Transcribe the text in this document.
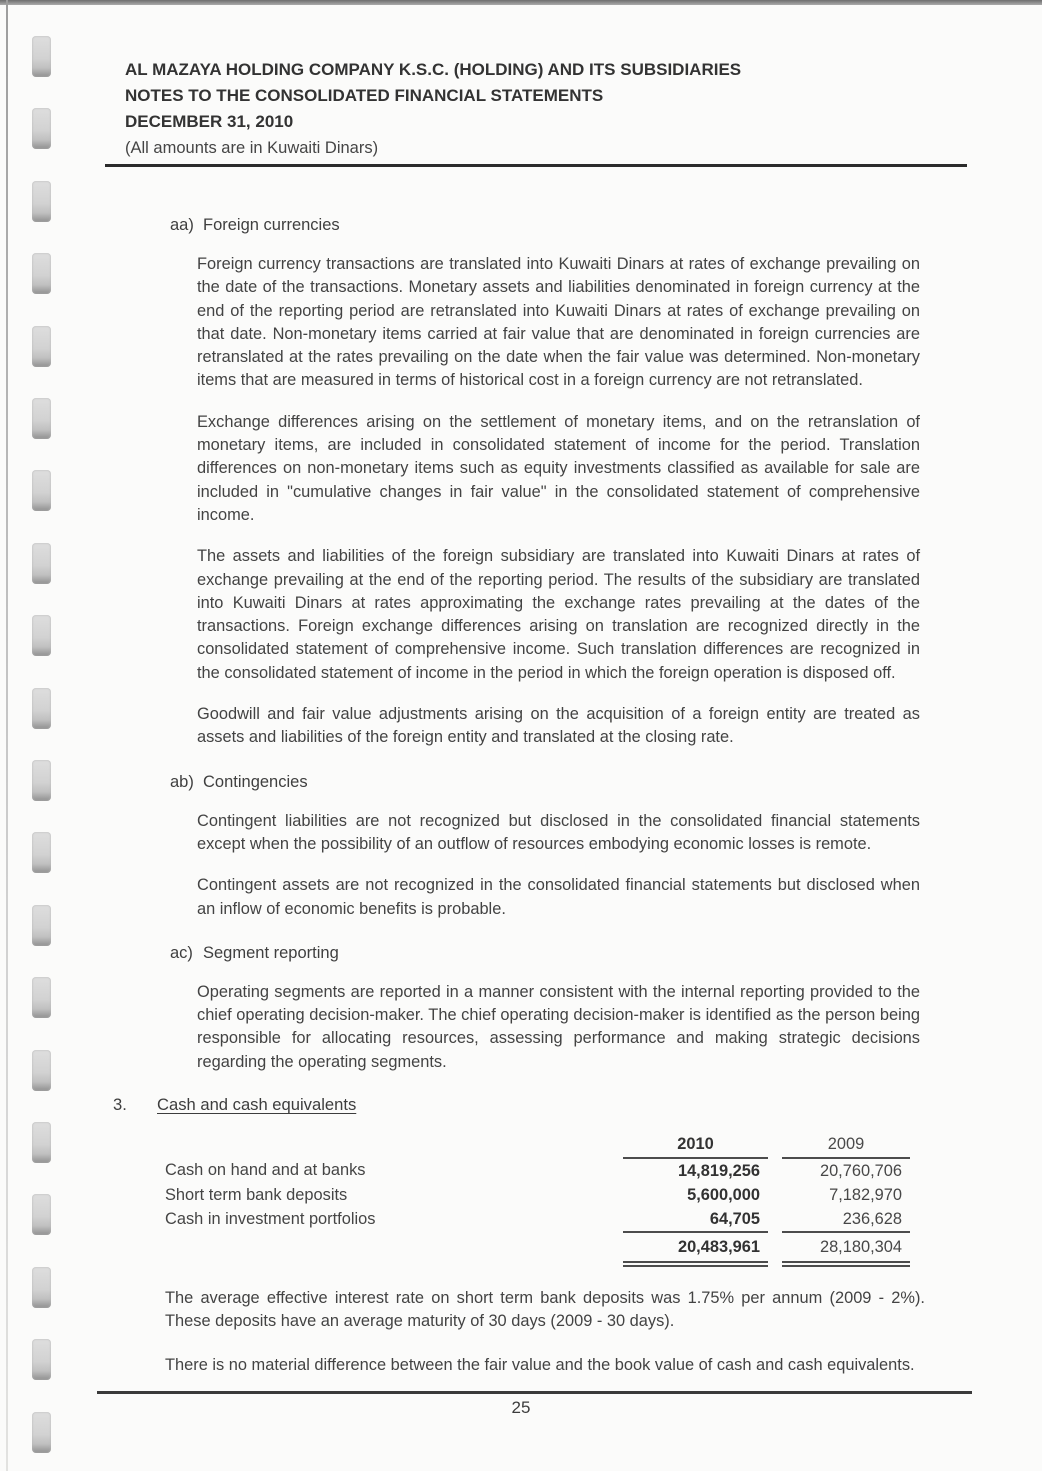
AL MAZAYA HOLDING COMPANY K.S.C. (HOLDING) AND ITS SUBSIDIARIES
NOTES TO THE CONSOLIDATED FINANCIAL STATEMENTS
DECEMBER 31, 2010
(All amounts are in Kuwaiti Dinars)
aa) Foreign currencies

Foreign currency transactions are translated into Kuwaiti Dinars at rates of exchange prevailing on the date of the transactions. Monetary assets and liabilities denominated in foreign currency at the end of the reporting period are retranslated into Kuwaiti Dinars at rates of exchange prevailing on that date. Non-monetary items carried at fair value that are denominated in foreign currencies are retranslated at the rates prevailing on the date when the fair value was determined. Non-monetary items that are measured in terms of historical cost in a foreign currency are not retranslated.

Exchange differences arising on the settlement of monetary items, and on the retranslation of monetary items, are included in consolidated statement of income for the period. Translation differences on non-monetary items such as equity investments classified as available for sale are included in "cumulative changes in fair value" in the consolidated statement of comprehensive income.

The assets and liabilities of the foreign subsidiary are translated into Kuwaiti Dinars at rates of exchange prevailing at the end of the reporting period. The results of the subsidiary are translated into Kuwaiti Dinars at rates approximating the exchange rates prevailing at the dates of the transactions. Foreign exchange differences arising on translation are recognized directly in the consolidated statement of comprehensive income. Such translation differences are recognized in the consolidated statement of income in the period in which the foreign operation is disposed off.

Goodwill and fair value adjustments arising on the acquisition of a foreign entity are treated as assets and liabilities of the foreign entity and translated at the closing rate.

ab) Contingencies

Contingent liabilities are not recognized but disclosed in the consolidated financial statements except when the possibility of an outflow of resources embodying economic losses is remote.

Contingent assets are not recognized in the consolidated financial statements but disclosed when an inflow of economic benefits is probable.

ac) Segment reporting

Operating segments are reported in a manner consistent with the internal reporting provided to the chief operating decision-maker. The chief operating decision-maker is identified as the person being responsible for allocating resources, assessing performance and making strategic decisions regarding the operating segments.

3.	Cash and cash equivalents
	2010		2009
Cash on hand and at banks	14,819,256		20,760,706
Short term bank deposits	5,600,000		7,182,970
Cash in investment portfolios	64,705		236,628
	20,483,961		28,180,304

The average effective interest rate on short term bank deposits was 1.75% per annum (2009 - 2%). These deposits have an average maturity of 30 days (2009 - 30 days).

There is no material difference between the fair value and the book value of cash and cash equivalents.

25
